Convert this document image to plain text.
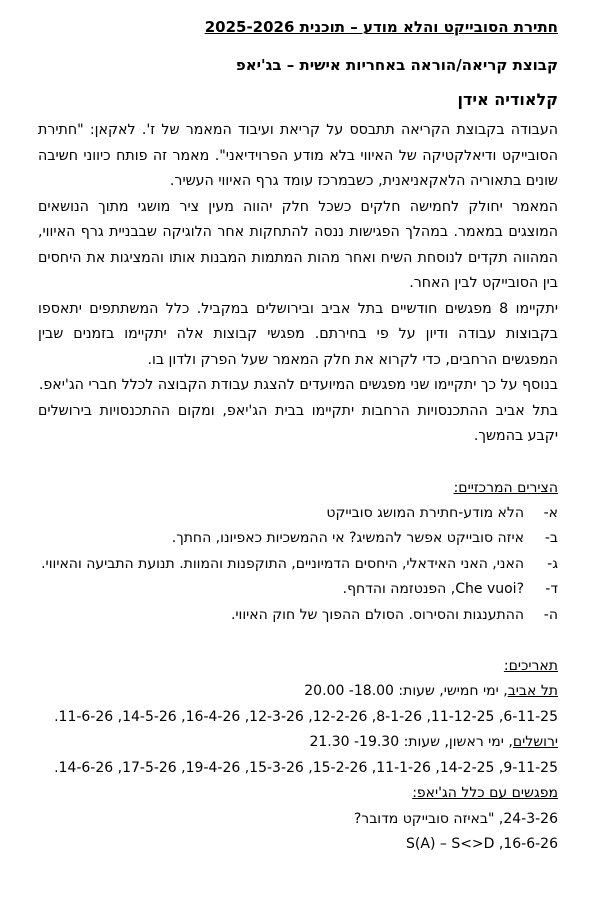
חתירת הסובייקט והלא מודע – תוכנית 2025-2026

קבוצת קריאה/הוראה באחריות אישית – בג'יאפ

קלאודיה אידן

העבודה בקבוצת הקריאה תתבסס על קריאת ועיבוד המאמר של ז'. לאקאן: "חתירת הסובייקט ודיאלקטיקה של האיווי בלא מודע הפרוידיאני". מאמר זה פותח כיווני חשיבה שונים בתאוריה הלאקאניאנית, כשבמרכז עומד גרף האיווי העשיר.

המאמר יחולק לחמישה חלקים כשכל חלק יהווה מעין ציר מושגי מתוך הנושאים המוצגים במאמר. במהלך הפגישות ננסה להתחקות אחר הלוגיקה שבבניית גרף האיווי, המהווה תקדים לנוסחת השיח ואחר מהות המתמות המבנות אותו והמציגות את היחסים בין הסובייקט לבין האחר.

יתקיימו 8 מפגשים חודשיים בתל אביב ובירושלים במקביל. כלל המשתתפים יתאספו בקבוצות עבודה ודיון על פי בחירתם. מפגשי קבוצות אלה יתקיימו בזמנים שבין המפגשים הרחבים, כדי לקרוא את חלק המאמר שעל הפרק ולדון בו.

בנוסף על כך יתקיימו שני מפגשים המיועדים להצגת עבודת הקבוצה לכלל חברי הג'יאפ.

בתל אביב ההתכנסויות הרחבות יתקיימו בבית הג'יאפ, ומקום ההתכנסויות בירושלים יקבע בהמשך.

הצירים המרכזיים:

א-
הלא מודע-חתירת המושג סובייקט
ב-
איזה סובייקט אפשר להמשיג? אי ההמשכיות כאפיונו, החתך.
ג-
האני, האני האידאלי, היחסים הדמיוניים, התוקפנות והמוות. תנועת התביעה והאיווי.
ד-
?Che vuoi, הפנטזמה והדחף.
ה-
ההתענגות והסירוס. הסולם ההפוך של חוק האיווי.

תאריכים:

תל אביב, ימי חמישי, שעות: 18.00- 20.00

6-11-25, 11-12-25, 8-1-26, 12-2-26, 12-3-26, 16-4-26, 14-5-26, 11-6-26.

ירושלים, ימי ראשון, שעות: 19.30- 21.30

9-11-25, 14-2-25, 11-1-26, 15-2-26, 15-3-26, 19-4-26, 17-5-26, 14-6-26.

מפגשים עם כלל הג'יאפ:

24-3-26, "באיזה סובייקט מדובר?

16-6-26, S(A) – S<>D
